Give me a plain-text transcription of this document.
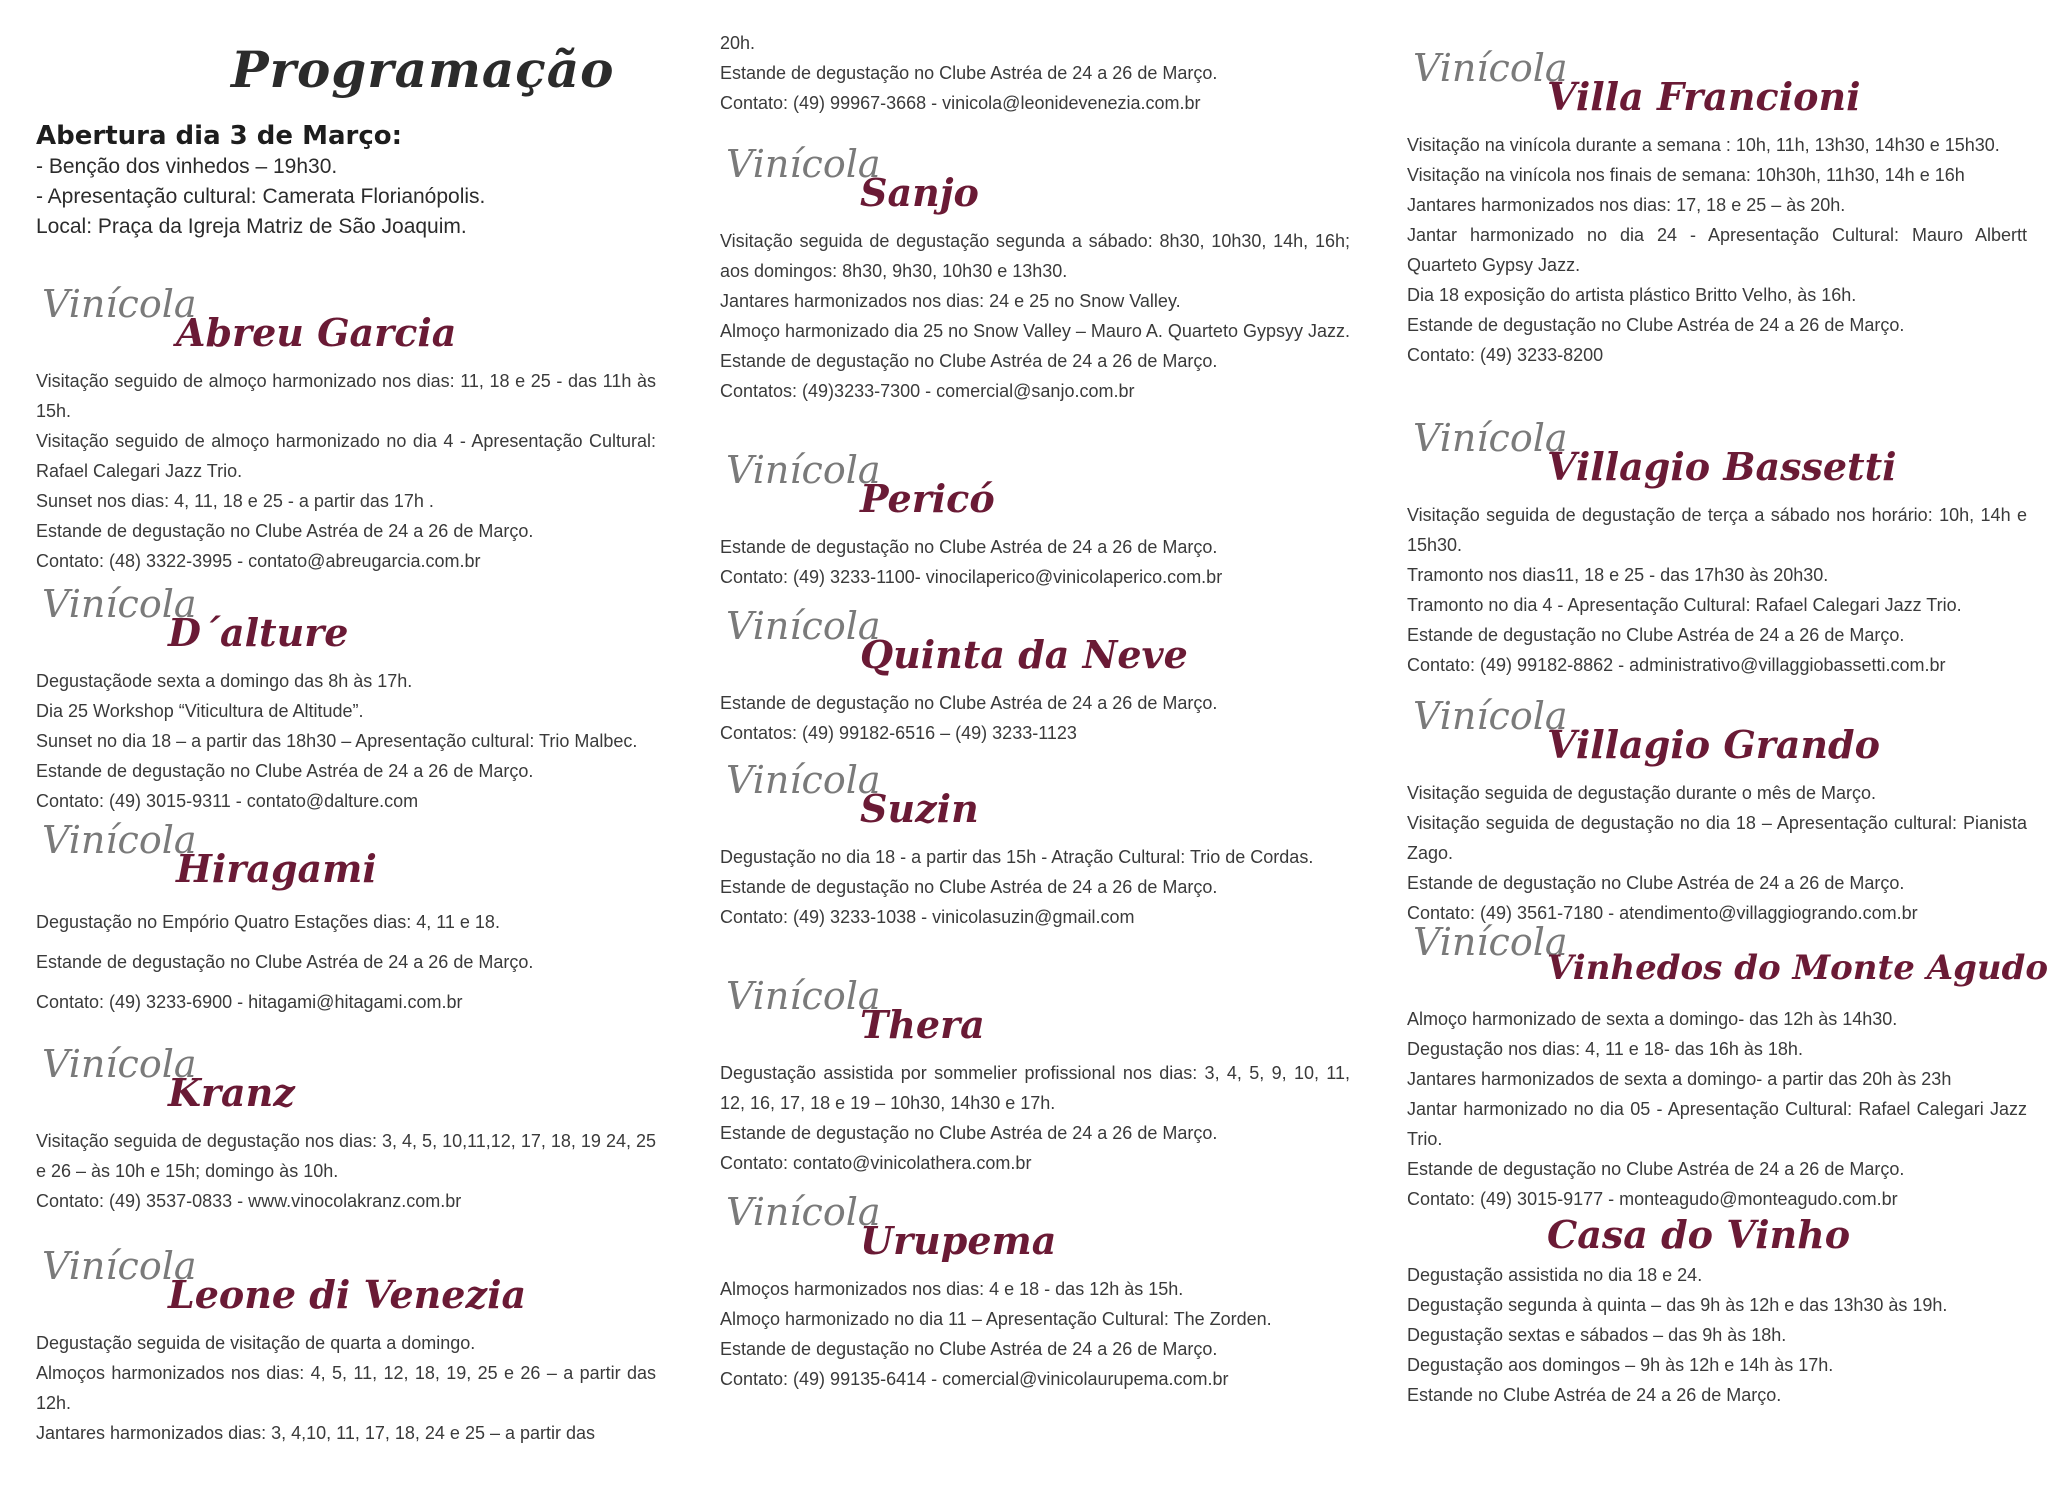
Programação
Abertura dia 3 de Março:

- Benção dos vinhedos – 19h30.

- Apresentação cultural: Camerata Florianópolis.

Local: Praça da Igreja Matriz de São Joaquim.

Vinícola
Abreu Garcia
Visitação seguido de almoço harmonizado nos dias: 11, 18 e 25 - das 11h às 15h.
Visitação seguido de almoço harmonizado no dia 4 - Apresentação Cultural: Rafael Calegari Jazz Trio.
Sunset nos dias: 4, 11, 18 e 25 - a partir das 17h .
Estande de degustação no Clube Astréa de 24 a 26 de Março.
Contato: (48) 3322-3995 - contato@abreugarcia.com.br
Vinícola
D´alture
Degustaçãode sexta a domingo das 8h às 17h.
Dia 25 Workshop “Viticultura de Altitude”.
Sunset no dia 18 – a partir das 18h30 – Apresentação cultural: Trio Malbec.
Estande de degustação no Clube Astréa de 24 a 26 de Março.
Contato: (49) 3015-9311 - contato@dalture.com
Vinícola
Hiragami
Degustação no Empório Quatro Estações dias: 4, 11 e 18.
Estande de degustação no Clube Astréa de 24 a 26 de Março.
Contato: (49) 3233-6900 - hitagami@hitagami.com.br
Vinícola
Kranz
Visitação seguida de degustação nos dias: 3, 4, 5, 10,11,12, 17, 18, 19 24, 25 e 26 – às 10h e 15h; domingo às 10h.
Contato: (49) 3537-0833 - www.vinocolakranz.com.br
Vinícola
Leone di Venezia
Degustação seguida de visitação de quarta a domingo.
Almoços harmonizados nos dias: 4, 5, 11, 12, 18, 19, 25 e 26 – a partir das 12h.
Jantares harmonizados dias: 3, 4,10, 11, 17, 18, 24 e 25 – a partir das
20h.
Estande de degustação no Clube Astréa de 24 a 26 de Março.
Contato: (49) 99967-3668 - vinicola@leonidevenezia.com.br
Vinícola
Sanjo
Visitação seguida de degustação segunda a sábado: 8h30, 10h30, 14h, 16h; aos domingos: 8h30, 9h30, 10h30 e 13h30.
Jantares harmonizados nos dias: 24 e 25 no Snow Valley.
Almoço harmonizado dia 25 no Snow Valley – Mauro A. Quarteto Gypsyy Jazz.
Estande de degustação no Clube Astréa de 24 a 26 de Março.
Contatos: (49)3233-7300 - comercial@sanjo.com.br
Vinícola
Pericó
Estande de degustação no Clube Astréa de 24 a 26 de Março.
Contato: (49) 3233-1100- vinocilaperico@vinicolaperico.com.br
Vinícola
Quinta da Neve
Estande de degustação no Clube Astréa de 24 a 26 de Março.
Contatos: (49) 99182-6516 – (49) 3233-1123
Vinícola
Suzin
Degustação no dia 18 - a partir das 15h - Atração Cultural: Trio de Cordas.
Estande de degustação no Clube Astréa de 24 a 26 de Março.
Contato: (49) 3233-1038 - vinicolasuzin@gmail.com
Vinícola
Thera
Degustação assistida por sommelier profissional nos dias: 3, 4, 5, 9, 10, 11, 12, 16, 17, 18 e 19 – 10h30, 14h30 e 17h.
Estande de degustação no Clube Astréa de 24 a 26 de Março.
Contato: contato@vinicolathera.com.br
Vinícola
Urupema
Almoços harmonizados nos dias: 4 e 18 - das 12h às 15h.
Almoço harmonizado no dia 11 – Apresentação Cultural: The Zorden.
Estande de degustação no Clube Astréa de 24 a 26 de Março.
Contato: (49) 99135-6414 - comercial@vinicolaurupema.com.br
Vinícola
Villa Francioni
Visitação na vinícola durante a semana : 10h, 11h, 13h30, 14h30 e 15h30.
Visitação na vinícola nos finais de semana: 10h30h, 11h30, 14h e 16h
Jantares harmonizados nos dias: 17, 18 e 25 – às 20h.
Jantar harmonizado no dia 24 - Apresentação Cultural: Mauro Albertt Quarteto Gypsy Jazz.
Dia 18 exposição do artista plástico Britto Velho, às 16h.
Estande de degustação no Clube Astréa de 24 a 26 de Março.
Contato: (49) 3233-8200
Vinícola
Villagio Bassetti
Visitação seguida de degustação de terça a sábado nos horário: 10h, 14h e 15h30.
Tramonto nos dias11, 18 e 25 - das 17h30 às 20h30.
Tramonto no dia 4 - Apresentação Cultural: Rafael Calegari Jazz Trio.
Estande de degustação no Clube Astréa de 24 a 26 de Março.
Contato: (49) 99182-8862 - administrativo@villaggiobassetti.com.br
Vinícola
Villagio Grando
Visitação seguida de degustação durante o mês de Março.
Visitação seguida de degustação no dia 18 – Apresentação cultural: Pianista Zago.
Estande de degustação no Clube Astréa de 24 a 26 de Março.
Contato: (49) 3561-7180 - atendimento@villaggiogrando.com.br
Vinícola
Vinhedos do Monte Agudo
Almoço harmonizado de sexta a domingo- das 12h às 14h30.
Degustação nos dias: 4, 11 e 18- das 16h às 18h.
Jantares harmonizados de sexta a domingo- a partir das 20h às 23h
Jantar harmonizado no dia 05 - Apresentação Cultural: Rafael Calegari Jazz Trio.
Estande de degustação no Clube Astréa de 24 a 26 de Março.
Contato: (49) 3015-9177 - monteagudo@monteagudo.com.br
Casa do Vinho
Degustação assistida no dia 18 e 24.
Degustação segunda à quinta – das 9h às 12h e das 13h30 às 19h.
Degustação sextas e sábados – das 9h às 18h.
Degustação aos domingos – 9h às 12h e 14h às 17h.
Estande no Clube Astréa de 24 a 26 de Março.
